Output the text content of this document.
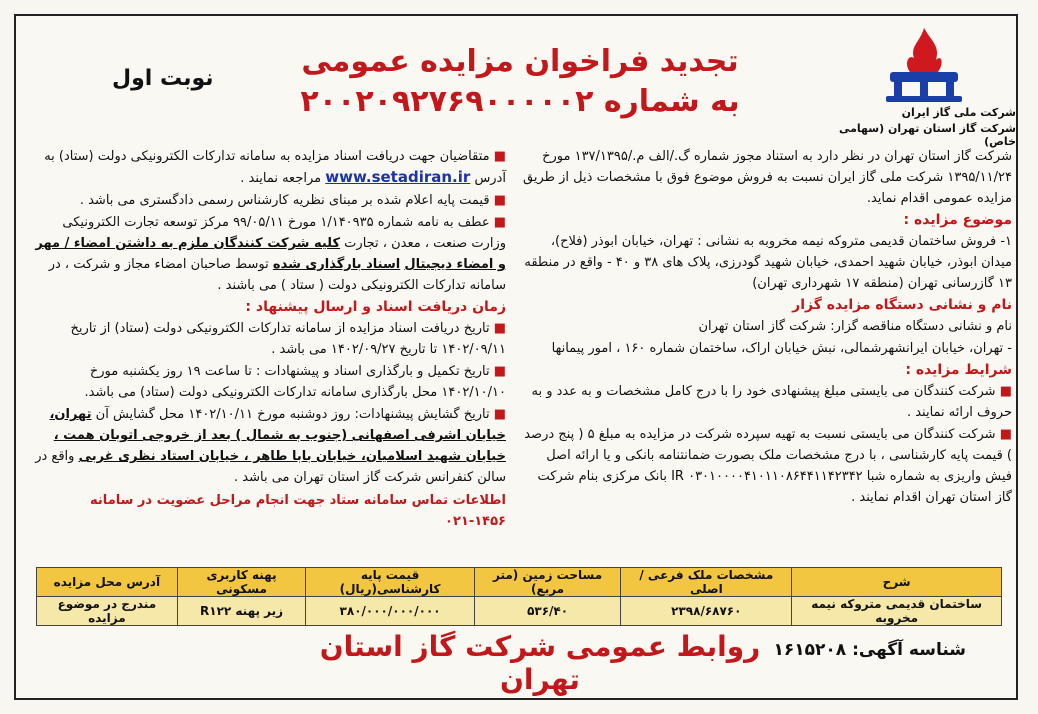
شرکت ملی گاز ایران
شرکت گاز استان تهران (سهامی خاص)
تجدید فراخوان مزایده عمومی
به شماره ۲۰۰۲۰۹۲۷۶۹۰۰۰۰۰۲
نوبت اول

شرکت گاز استان تهران در نظر دارد به استناد مجوز شماره گ./الف م./۱۳۷/۱۳۹۵ مورخ ۱۳۹۵/۱۱/۲۴ شرکت ملی گاز ایران نسبت به فروش موضوع فوق با مشخصات ذیل از طریق مزایده عمومی اقدام نماید.

موضوع مزایده :

۱- فروش ساختمان قدیمی متروکه نیمه مخروبه به نشانی : تهران، خیابان ابوذر (فلاح)، میدان ابوذر، خیابان شهید احمدی، خیابان شهید گودرزی، پلاک های ۳۸ و ۴۰ - واقع در منطقه ۱۳ گازرسانی تهران (منطقه ۱۷ شهرداری تهران)

نام و نشانی دستگاه مزایده گزار

نام و نشانی دستگاه مناقصه گزار: شرکت گاز استان تهران

- تهران، خیابان ایرانشهرشمالی، نبش خیابان اراک، ساختمان شماره ۱۶۰ ، امور پیمانها

شرایط مزایده :

■ شرکت کنندگان می بایستی مبلغ پیشنهادی خود را با درج کامل مشخصات و به عدد و به حروف ارائه نمایند .

■ شرکت کنندگان می بایستی نسبت به تهیه سپرده شرکت در مزایده به مبلغ ۵ ( پنج درصد ) قیمت پایه کارشناسی ، با درج مشخصات ملک بصورت ضمانتنامه بانکی و یا ارائه اصل فیش واریزی به شماره شبا IR ۰۳۰۱۰۰۰۰۴۱۰۱۱۰۸۶۴۴۱۱۴۲۳۴۲ بانک مرکزی بنام شرکت گاز استان تهران اقدام نمایند .

■ متقاضیان جهت دریافت اسناد مزایده به سامانه تدارکات الکترونیکی دولت (ستاد) به آدرس www.setadiran.ir مراجعه نمایند .

■ قیمت پایه اعلام شده بر مبنای نظریه کارشناس رسمی دادگستری می باشد .

■ عطف به نامه شماره ۱/۱۴۰۹۳۵ مورخ ۹۹/۰۵/۱۱ مرکز توسعه تجارت الکترونیکی وزارت صنعت ، معدن ، تجارت کلیه شرکت کنندگان ملزم به داشتن امضاء / مهر و امضاء دیجیتال اسناد بارگذاری شده توسط صاحبان امضاء مجاز و شرکت ، در سامانه تدارکات الکترونیکی دولت ( ستاد ) می باشند .

زمان دریافت اسناد و ارسال پیشنهاد :

■ تاریخ دریافت اسناد مزایده از سامانه تدارکات الکترونیکی دولت (ستاد) از تاریخ ۱۴۰۲/۰۹/۱۱ تا تاریخ ۱۴۰۲/۰۹/۲۷ می باشد .

■ تاریخ تکمیل و بارگذاری اسناد و پیشنهادات : تا ساعت ۱۹ روز یکشنبه مورخ ۱۴۰۲/۱۰/۱۰ محل بارگذاری سامانه تدارکات الکترونیکی دولت (ستاد) می باشد.

■ تاریخ گشایش پیشنهادات: روز دوشنبه مورخ ۱۴۰۲/۱۰/۱۱ محل گشایش آن تهران، خیابان اشرفی اصفهانی (جنوب به شمال ) بعد از خروجی اتوبان همت ، خیابان شهید اسلامیان، خیابان بابا طاهر ، خیابان استاد نظری غربی واقع در سالن کنفرانس شرکت گاز استان تهران می باشد .

اطلاعات تماس سامانه ستاد جهت انجام مراحل عضویت در سامانه ۱۴۵۶-۰۲۱
شرح	مشخصات ملک فرعی / اصلی	مساحت زمین (متر مربع)	قیمت پایه کارشناسی(ریال)	پهنه کاربری مسکونی	آدرس محل مزایده
ساختمان قدیمی متروکه نیمه مخروبه	۲۳۹۸/۶۸۷۶۰	۵۳۶/۴۰	۳۸۰/۰۰۰/۰۰۰/۰۰۰	زیر پهنه R۱۲۲	مندرج در موضوع مزایده
روابط عمومی شرکت گاز استان تهران
شناسه آگهی: ۱۶۱۵۲۰۸
